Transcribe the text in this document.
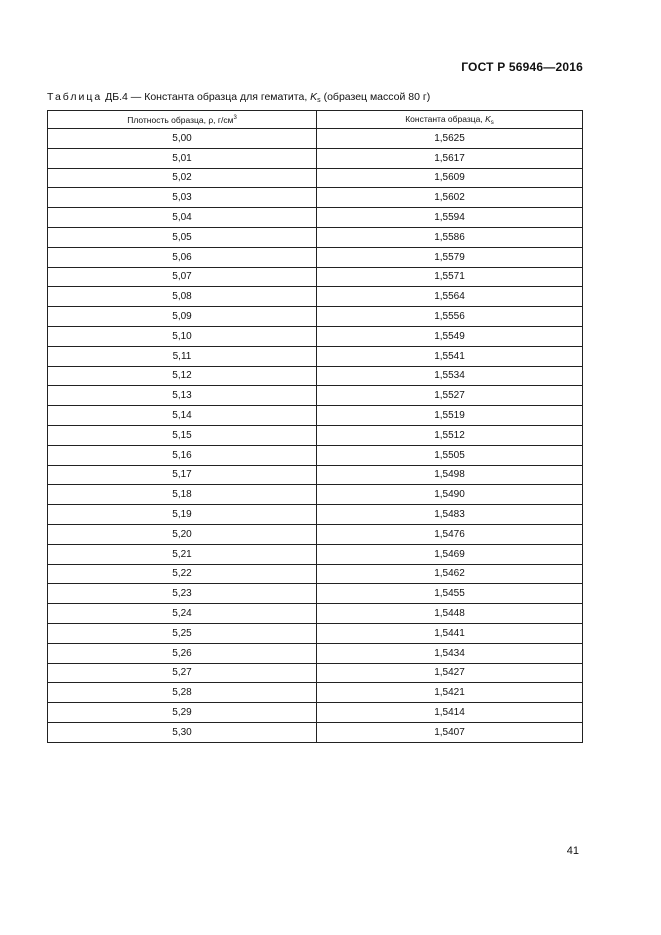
ГОСТ Р 56946—2016
Таблица ДБ.4 — Константа образца для гематита, $K_s$ (образец массой 80 г)
Плотность образца, ρ, $г/см^3$	Константа образца, $K_s$
5,00	1,5625
5,01	1,5617
5,02	1,5609
5,03	1,5602
5,04	1,5594
5,05	1,5586
5,06	1,5579
5,07	1,5571
5,08	1,5564
5,09	1,5556
5,10	1,5549
5,11	1,5541
5,12	1,5534
5,13	1,5527
5,14	1,5519
5,15	1,5512
5,16	1,5505
5,17	1,5498
5,18	1,5490
5,19	1,5483
5,20	1,5476
5,21	1,5469
5,22	1,5462
5,23	1,5455
5,24	1,5448
5,25	1,5441
5,26	1,5434
5,27	1,5427
5,28	1,5421
5,29	1,5414
5,30	1,5407
41
